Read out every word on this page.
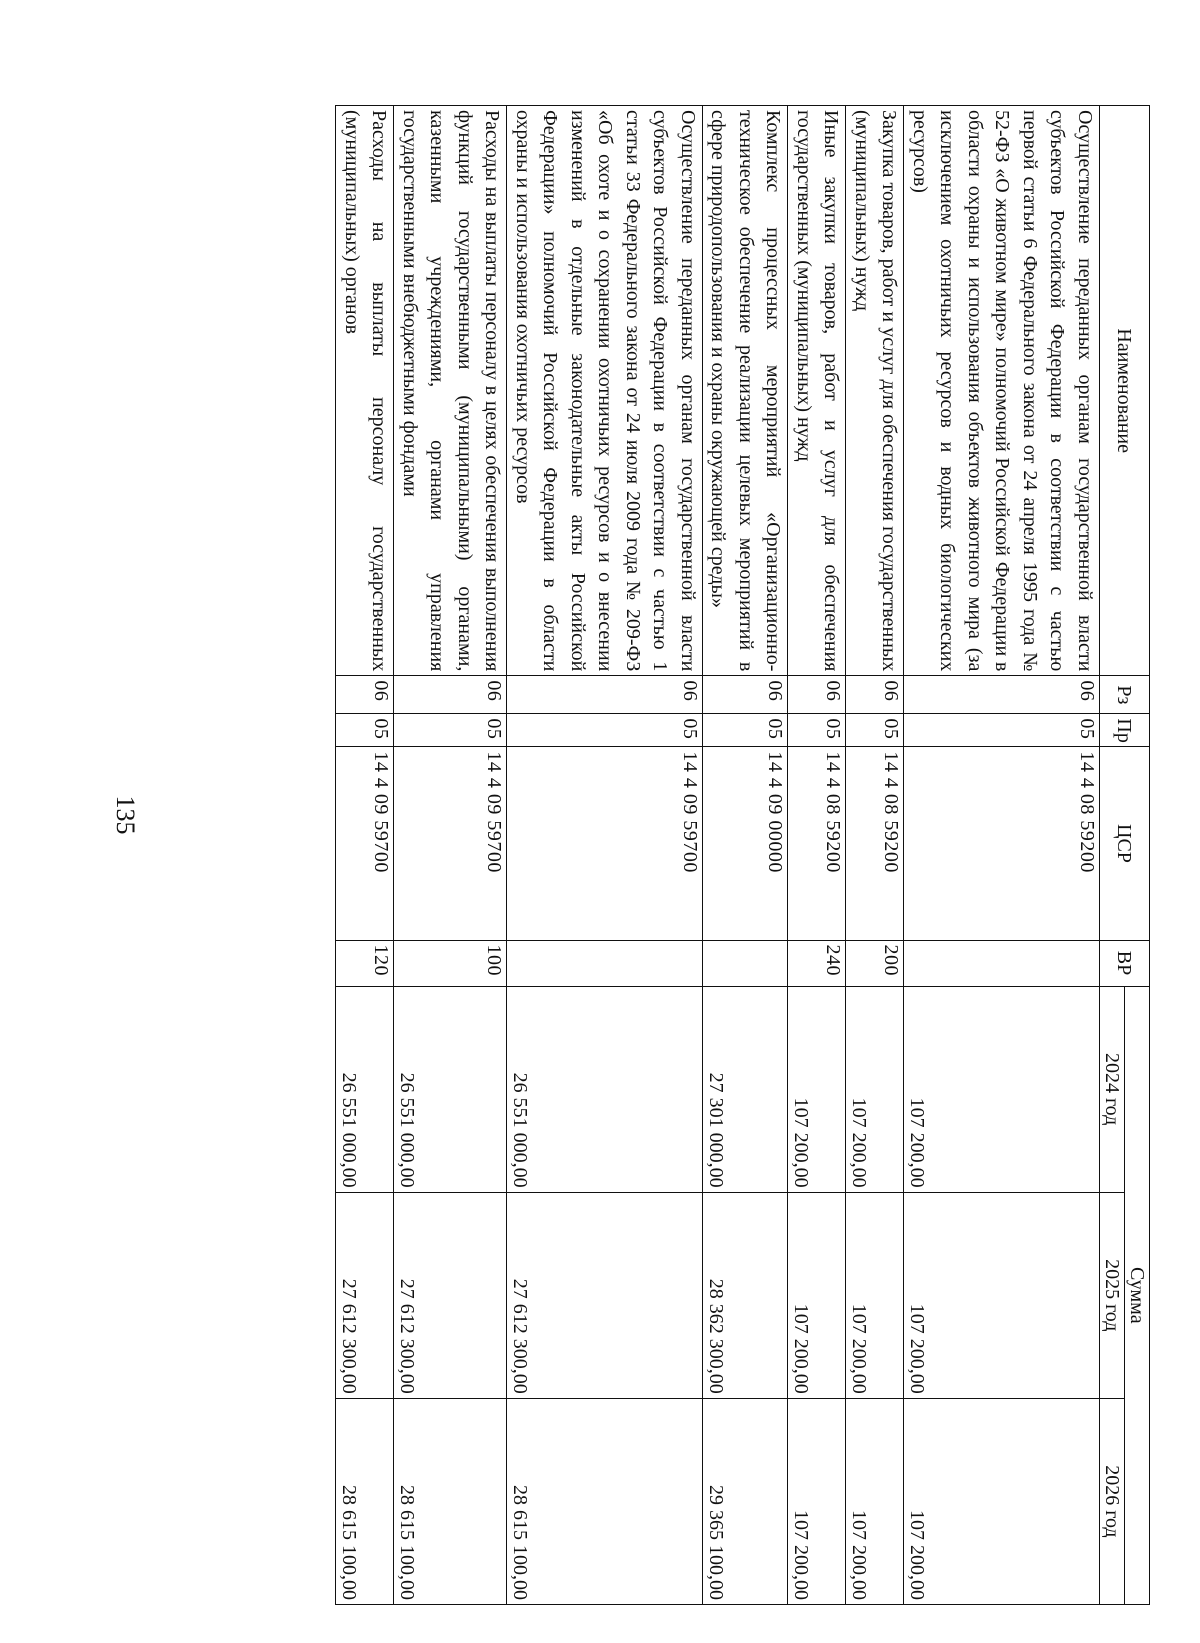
135
Наименование	Рз	Пр	ЦСР	ВР	Сумма		
					2024 год	2025 год	2026 год
Осуществление переданных органам государственной власти субъектов Российской Федерации в соответствии с частью первой статьи 6 Федерального закона от 24 апреля 1995 года № 52-ФЗ «О животном мире» полномочий Российской Федерации в области охраны и использования объектов животного мира (за исключением охотничьих ресурсов и водных биологических ресурсов)	06	05	14 4 08 59200		107 200,00	107 200,00	107 200,00
Закупка товаров, работ и услуг для обеспечения государственных (муниципальных) нужд	06	05	14 4 08 59200	200	107 200,00	107 200,00	107 200,00
Иные закупки товаров, работ и услуг для обеспечения государственных (муниципальных) нужд	06	05	14 4 08 59200	240	107 200,00	107 200,00	107 200,00
Комплекс процессных мероприятий «Организационно-техническое обеспечение реализации целевых мероприятий в сфере природопользования и охраны окружающей среды»	06	05	14 4 09 00000		27 301 000,00	28 362 300,00	29 365 100,00
Осуществление переданных органам государственной власти субъектов Российской Федерации в соответствии с частью 1 статьи 33 Федерального закона от 24 июля 2009 года № 209-ФЗ «Об охоте и о сохранении охотничьих ресурсов и о внесении изменений в отдельные законодательные акты Российской Федерации» полномочий Российской Федерации в области охраны и использования охотничьих ресурсов	06	05	14 4 09 59700		26 551 000,00	27 612 300,00	28 615 100,00
Расходы на выплаты персоналу в целях обеспечения выполнения функций государственными (муниципальными) органами, казенными учреждениями, органами управления государственными внебюджетными фондами	06	05	14 4 09 59700	100	26 551 000,00	27 612 300,00	28 615 100,00
Расходы на выплаты персоналу государственных (муниципальных) органов	06	05	14 4 09 59700	120	26 551 000,00	27 612 300,00	28 615 100,00
